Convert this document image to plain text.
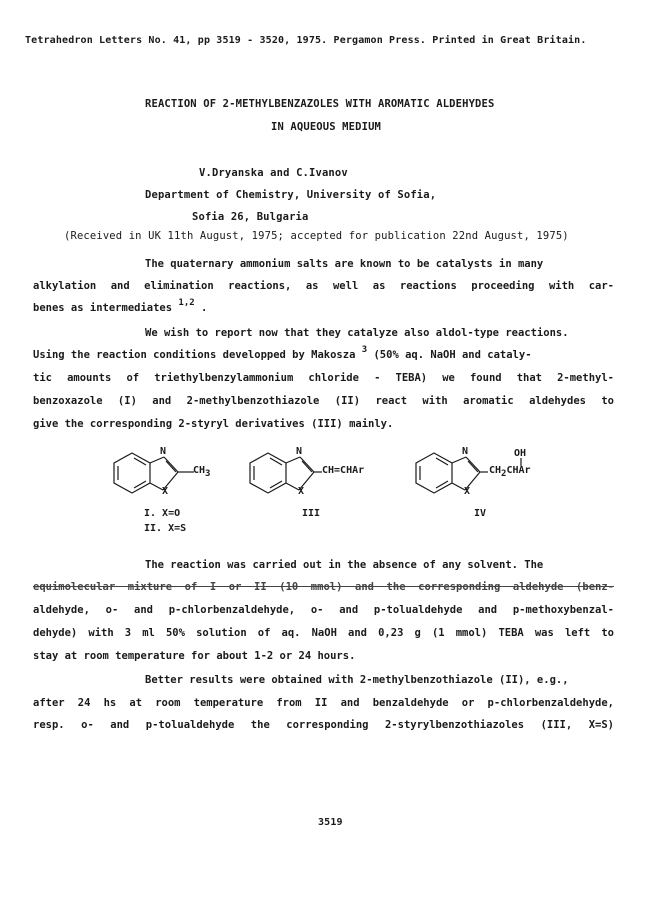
Tetrahedron Letters No. 41, pp 3519 - 3520, 1975. Pergamon Press. Printed in Great Britain.
REACTION OF 2-METHYLBENZAZOLES WITH AROMATIC ALDEHYDES
IN AQUEOUS MEDIUM
V.Dryanska and C.Ivanov
Department of Chemistry, University of Sofia,
Sofia 26, Bulgaria
(Received in UK 11th August, 1975; accepted for publication 22nd August, 1975)
The quaternary ammonium salts are known to be catalysts in many
alkylation and elimination reactions, as well as reactions proceeding with car-
benes as intermediates 1,2 .
We wish to report now that they catalyze also aldol-type reactions.
Using the reaction conditions developped by Makosza 3 (50% aq. NaOH and cataly-
tic amounts of triethylbenzylammonium chloride - TEBA) we found that 2-methyl-
benzoxazole (I) and 2-methylbenzothiazole (II) react with aromatic aldehydes to
give the corresponding 2-styryl derivatives (III) mainly.
N
X
$CH_3$
I. X=O
II. X=S
N
X
CH=CHAr
III
N
X
OH
$CH_2CHAr$
IV
The reaction was carried out in the absence of any solvent. The
equimolecular mixture of I or II (10 mmol) and the corresponding aldehyde (benz-
aldehyde, o- and p-chlorbenzaldehyde, o- and p-tolualdehyde and p-methoxybenzal-
dehyde) with 3 ml 50% solution of aq. NaOH and 0,23 g (1 mmol) TEBA was left to
stay at room temperature for about 1-2 or 24 hours.
Better results were obtained with 2-methylbenzothiazole (II), e.g.,
after 24 hs at room temperature from II and benzaldehyde or p-chlorbenzaldehyde,
resp. o- and p-tolualdehyde the corresponding 2-styrylbenzothiazoles (III, X=S)
3519
